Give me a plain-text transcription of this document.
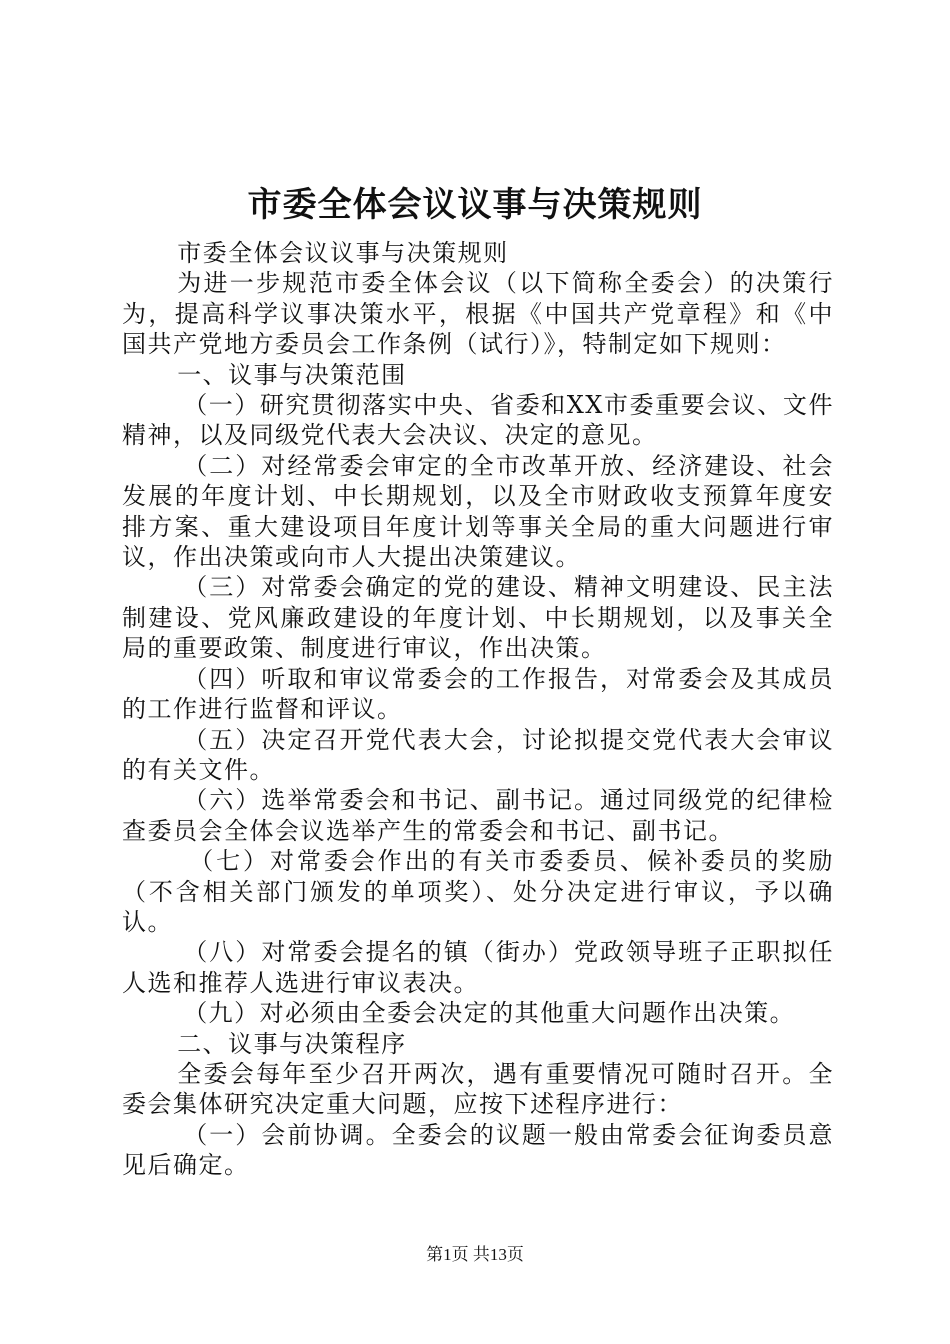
市委全体会议议事与决策规则

市委全体会议议事与决策规则

为进一步规范市委全体会议（以下简称全委会）的决策行为，提高科学议事决策水平，根据《中国共产党章程》和《中国共产党地方委员会工作条例（试行）》，特制定如下规则：

一、议事与决策范围

（一）研究贯彻落实中央、省委和XX市委重要会议、文件精神，以及同级党代表大会决议、决定的意见。

（二）对经常委会审定的全市改革开放、经济建设、社会发展的年度计划、中长期规划，以及全市财政收支预算年度安排方案、重大建设项目年度计划等事关全局的重大问题进行审议，作出决策或向市人大提出决策建议。

（三）对常委会确定的党的建设、精神文明建设、民主法制建设、党风廉政建设的年度计划、中长期规划，以及事关全局的重要政策、制度进行审议，作出决策。

（四）听取和审议常委会的工作报告，对常委会及其成员的工作进行监督和评议。

（五）决定召开党代表大会，讨论拟提交党代表大会审议的有关文件。

（六）选举常委会和书记、副书记。通过同级党的纪律检查委员会全体会议选举产生的常委会和书记、副书记。

（七）对常委会作出的有关市委委员、候补委员的奖励（不含相关部门颁发的单项奖）、处分决定进行审议，予以确认。

（八）对常委会提名的镇（街办）党政领导班子正职拟任人选和推荐人选进行审议表决。

（九）对必须由全委会决定的其他重大问题作出决策。

二、议事与决策程序

全委会每年至少召开两次，遇有重要情况可随时召开。全委会集体研究决定重大问题，应按下述程序进行：

（一）会前协调。全委会的议题一般由常委会征询委员意见后确定。

第1页 共13页
